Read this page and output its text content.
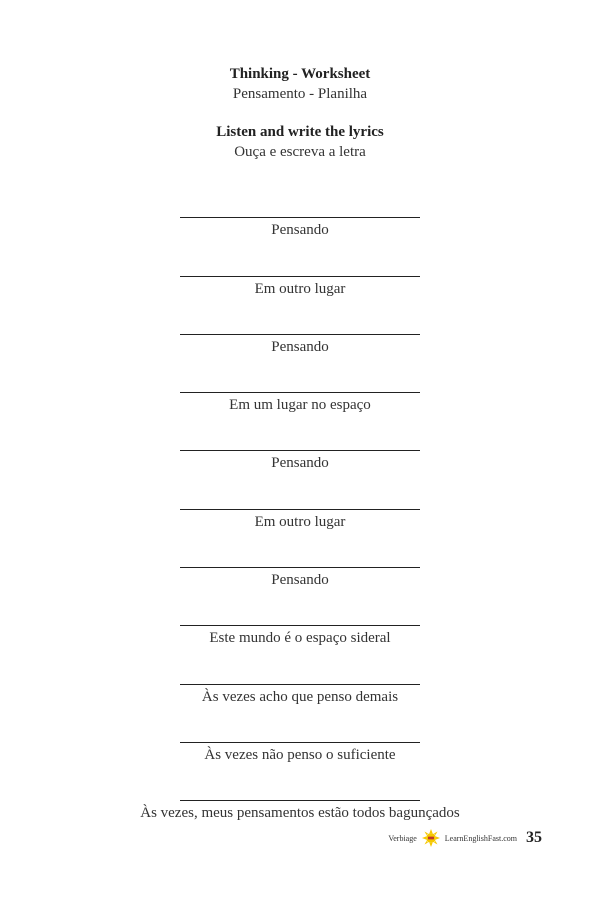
Thinking - Worksheet
Pensamento - Planilha
Listen and write the lyrics
Ouça e escreva a letra
Pensando
Em outro lugar
Pensando
Em um lugar no espaço
Pensando
Em outro lugar
Pensando
Este mundo é o espaço sideral
Às vezes acho que penso demais
Às vezes não penso o suficiente
Às vezes, meus pensamentos estão todos bagunçados
Verbiage	LearnEnglishFast.com 35
